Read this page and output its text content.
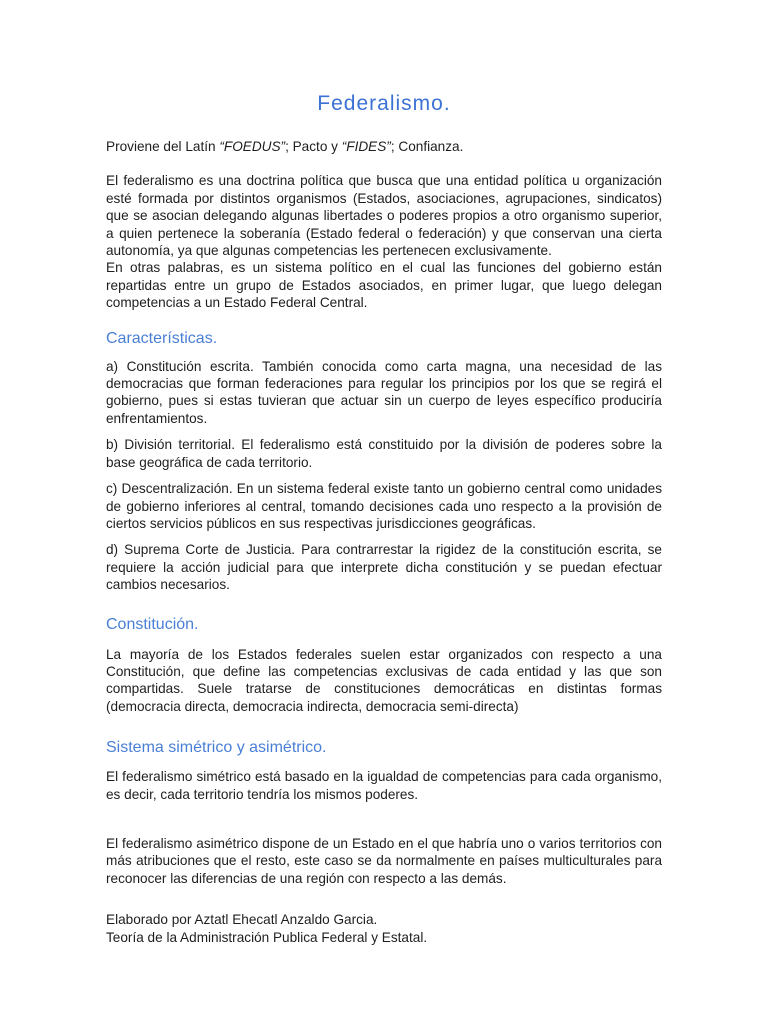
Federalismo.

Proviene del Latín “FOEDUS”; Pacto y “FIDES”; Confianza.

El federalismo es una doctrina política que busca que una entidad política u organización esté formada por distintos organismos (Estados, asociaciones, agrupaciones, sindicatos) que se asocian delegando algunas libertades o poderes propios a otro organismo superior, a quien pertenece la soberanía (Estado federal o federación) y que conservan una cierta autonomía, ya que algunas competencias les pertenecen exclusivamente.

En otras palabras, es un sistema político en el cual las funciones del gobierno están repartidas entre un grupo de Estados asociados, en primer lugar, que luego delegan competencias a un Estado Federal Central.

Características.

a) Constitución escrita. También conocida como carta magna, una necesidad de las democracias que forman federaciones para regular los principios por los que se regirá el gobierno, pues si estas tuvieran que actuar sin un cuerpo de leyes específico produciría enfrentamientos.

b) División territorial. El federalismo está constituido por la división de poderes sobre la base geográfica de cada territorio.

c) Descentralización. En un sistema federal existe tanto un gobierno central como unidades de gobierno inferiores al central, tomando decisiones cada uno respecto a la provisión de ciertos servicios públicos en sus respectivas jurisdicciones geográficas.

d) Suprema Corte de Justicia. Para contrarrestar la rigidez de la constitución escrita, se requiere la acción judicial para que interprete dicha constitución y se puedan efectuar cambios necesarios.

Constitución.

La mayoría de los Estados federales suelen estar organizados con respecto a una Constitución, que define las competencias exclusivas de cada entidad y las que son compartidas. Suele tratarse de constituciones democráticas en distintas formas (democracia directa, democracia indirecta, democracia semi-directa)

Sistema simétrico y asimétrico.

El federalismo simétrico está basado en la igualdad de competencias para cada organismo, es decir, cada territorio tendría los mismos poderes.

El federalismo asimétrico dispone de un Estado en el que habría uno o varios territorios con más atribuciones que el resto, este caso se da normalmente en países multiculturales para reconocer las diferencias de una región con respecto a las demás.

Elaborado por Aztatl Ehecatl Anzaldo Garcia.

Teoría de la Administración Publica Federal y Estatal.
